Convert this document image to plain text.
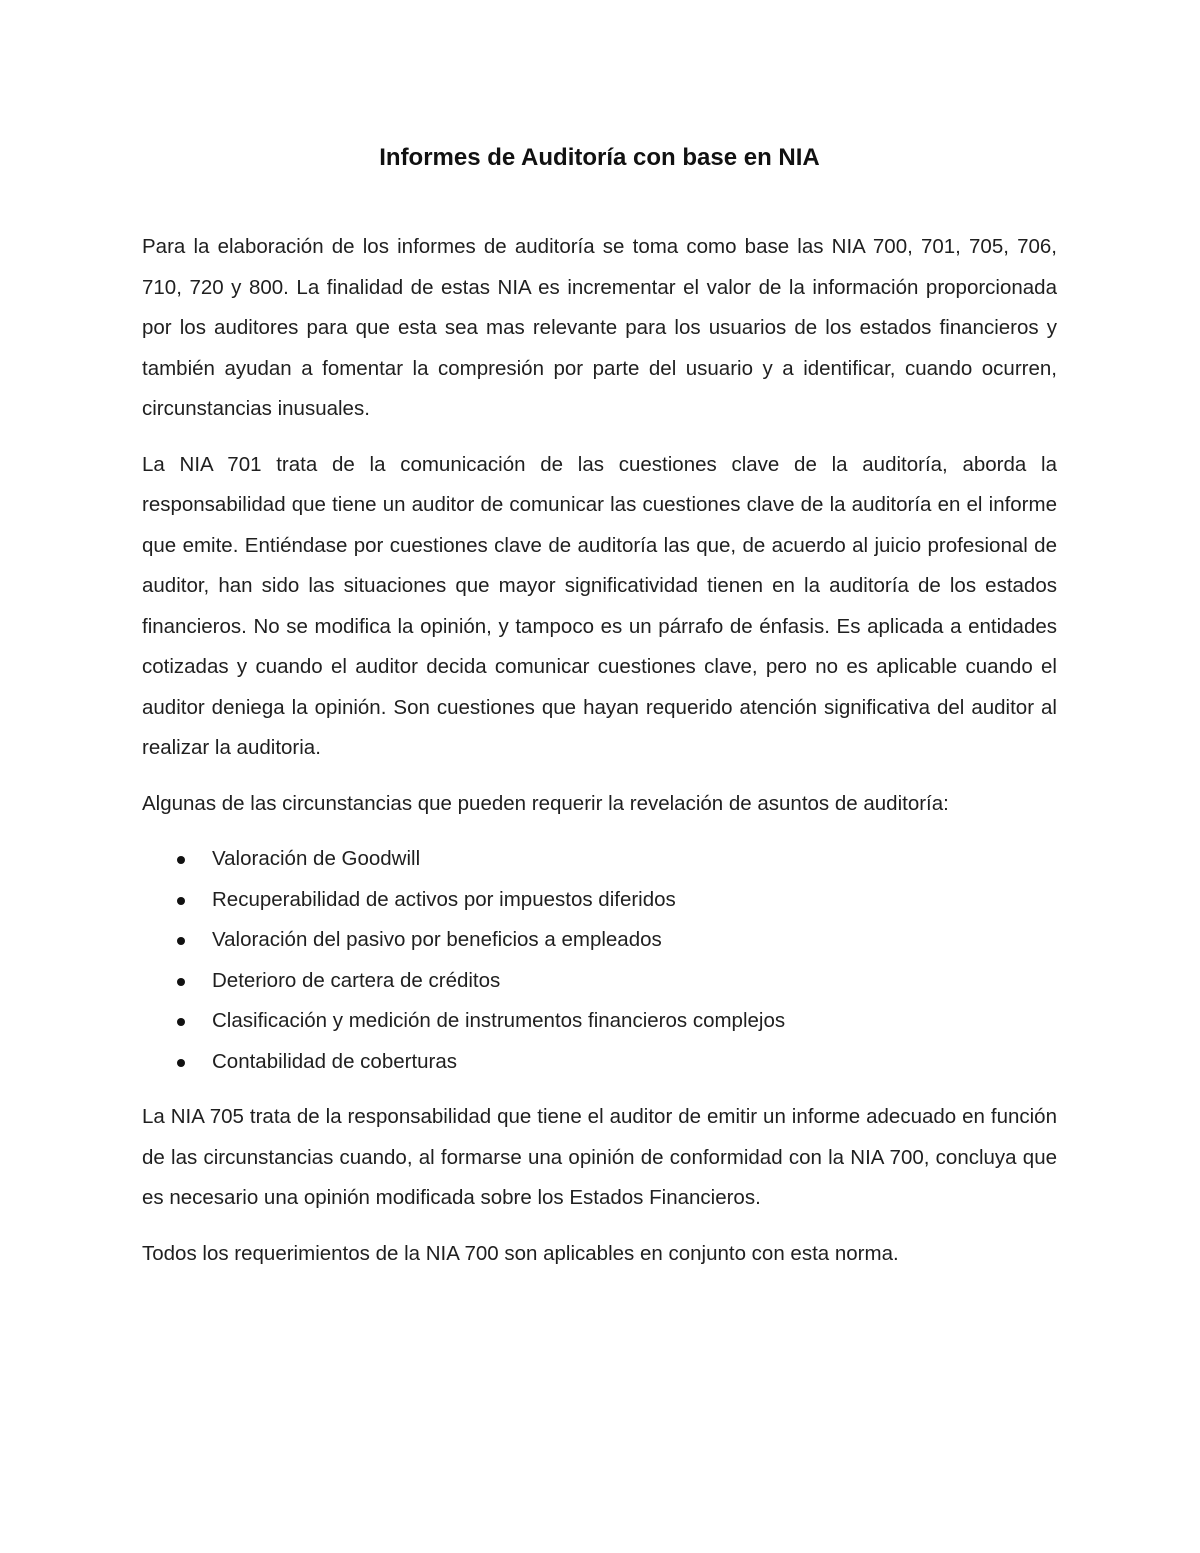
Informes de Auditoría con base en NIA

Para la elaboración de los informes de auditoría se toma como base las NIA 700, 701, 705, 706, 710, 720 y 800. La finalidad de estas NIA es incrementar el valor de la información proporcionada por los auditores para que esta sea mas relevante para los usuarios de los estados financieros y también ayudan a fomentar la compresión por parte del usuario y a identificar, cuando ocurren, circunstancias inusuales.

La NIA 701 trata de la comunicación de las cuestiones clave de la auditoría, aborda la responsabilidad que tiene un auditor de comunicar las cuestiones clave de la auditoría en el informe que emite. Entiéndase por cuestiones clave de auditoría las que, de acuerdo al juicio profesional de auditor, han sido las situaciones que mayor significatividad tienen en la auditoría de los estados financieros. No se modifica la opinión, y tampoco es un párrafo de énfasis. Es aplicada a entidades cotizadas y cuando el auditor decida comunicar cuestiones clave, pero no es aplicable cuando el auditor deniega la opinión. Son cuestiones que hayan requerido atención significativa del auditor al realizar la auditoria.

Algunas de las circunstancias que pueden requerir la revelación de asuntos de auditoría:

Valoración de Goodwill
Recuperabilidad de activos por impuestos diferidos
Valoración del pasivo por beneficios a empleados
Deterioro de cartera de créditos
Clasificación y medición de instrumentos financieros complejos
Contabilidad de coberturas

La NIA 705 trata de la responsabilidad que tiene el auditor de emitir un informe adecuado en función de las circunstancias cuando, al formarse una opinión de conformidad con la NIA 700, concluya que es necesario una opinión modificada sobre los Estados Financieros.

Todos los requerimientos de la NIA 700 son aplicables en conjunto con esta norma.
